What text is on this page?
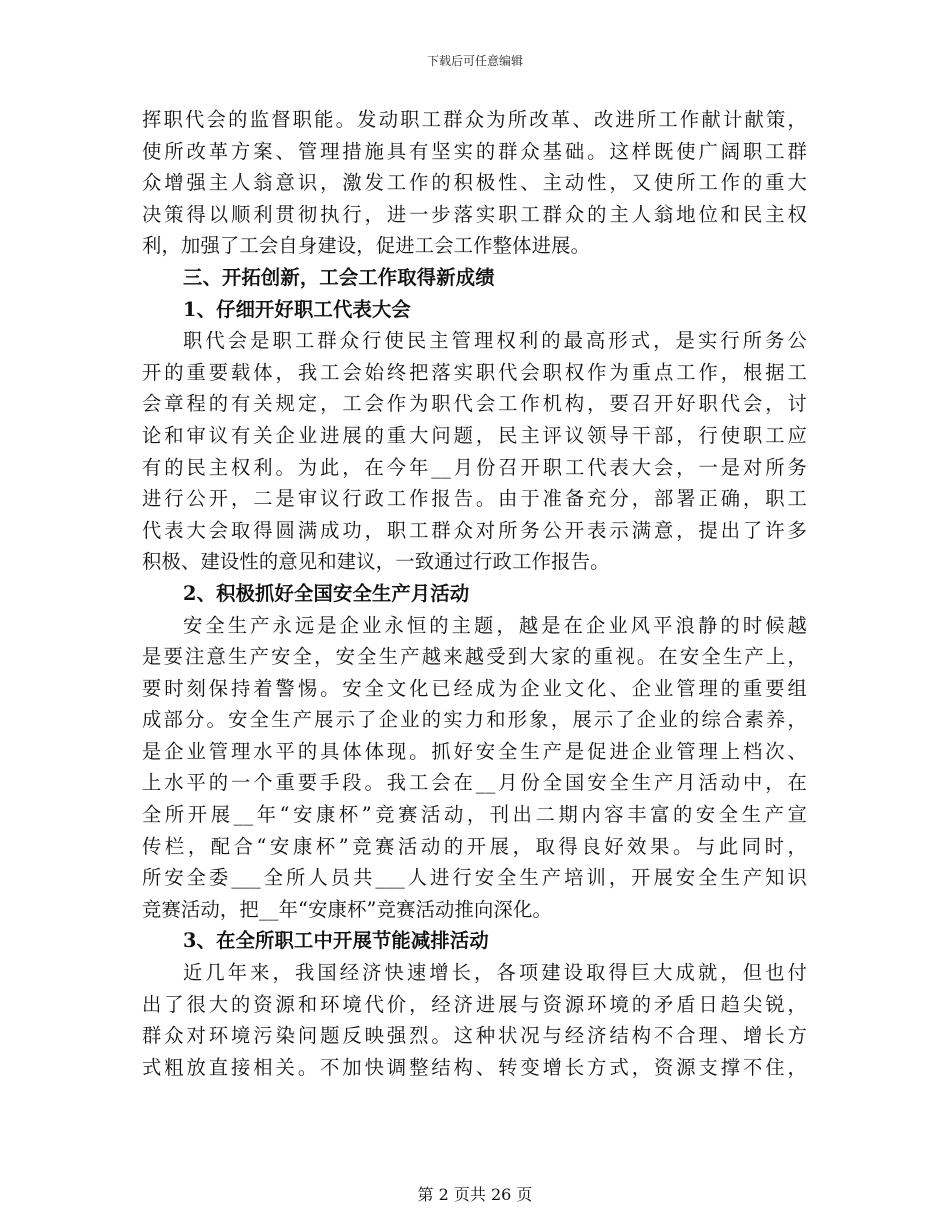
下载后可任意编辑
挥职代会的监督职能。发动职工群众为所改革、改进所工作献计献策，
使所改革方案、管理措施具有坚实的群众基础。这样既使广阔职工群
众增强主人翁意识，激发工作的积极性、主动性，又使所工作的重大
决策得以顺利贯彻执行，进一步落实职工群众的主人翁地位和民主权
利，加强了工会自身建设，促进工会工作整体进展。
三、开拓创新，工会工作取得新成绩
1、仔细开好职工代表大会
职代会是职工群众行使民主管理权利的最高形式，是实行所务公
开的重要载体，我工会始终把落实职代会职权作为重点工作，根据工
会章程的有关规定，工会作为职代会工作机构，要召开好职代会，讨
论和审议有关企业进展的重大问题，民主评议领导干部，行使职工应
有的民主权利。为此，在今年__月份召开职工代表大会，一是对所务
进行公开，二是审议行政工作报告。由于准备充分，部署正确，职工
代表大会取得圆满成功，职工群众对所务公开表示满意，提出了许多
积极、建设性的意见和建议，一致通过行政工作报告。
2、积极抓好全国安全生产月活动
安全生产永远是企业永恒的主题，越是在企业风平浪静的时候越
是要注意生产安全，安全生产越来越受到大家的重视。在安全生产上，
要时刻保持着警惕。安全文化已经成为企业文化、企业管理的重要组
成部分。安全生产展示了企业的实力和形象，展示了企业的综合素养，
是企业管理水平的具体体现。抓好安全生产是促进企业管理上档次、
上水平的一个重要手段。我工会在__月份全国安全生产月活动中，在
全所开展__年“安康杯”竞赛活动，刊出二期内容丰富的安全生产宣
传栏，配合“安康杯”竞赛活动的开展，取得良好效果。与此同时，
所安全委___全所人员共___人进行安全生产培训，开展安全生产知识
竞赛活动，把__年“安康杯”竞赛活动推向深化。
3、在全所职工中开展节能减排活动
近几年来，我国经济快速增长，各项建设取得巨大成就，但也付
出了很大的资源和环境代价，经济进展与资源环境的矛盾日趋尖锐，
群众对环境污染问题反映强烈。这种状况与经济结构不合理、增长方
式粗放直接相关。不加快调整结构、转变增长方式，资源支撑不住，
第 2 页共 26 页
